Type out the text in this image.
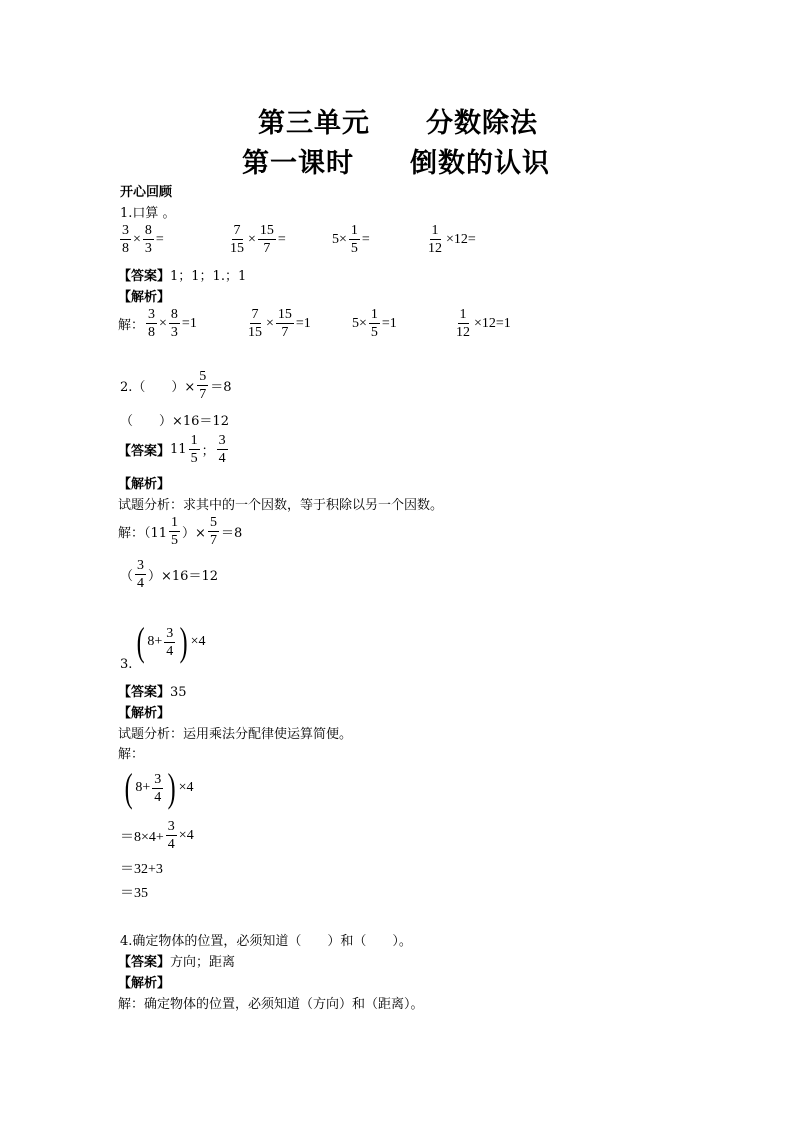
第三单元　　分数除法
第一课时　　倒数的认识
开心回顾
1.口算 。
$\frac{3}{8} \times \frac{8}{3}$ =	$\frac{7}{15} \times \frac{15}{7}$ =	$5\times \frac{1}{5}$ =	$\frac{1}{12} \times 12=$
【答案】1；1；1.；1
【解析】
解： $\frac{3}{8} \times \frac{8}{3} =1$	$\frac{7}{15} \times \frac{15}{7} =1$	$5\times \frac{1}{5} =1$	$\frac{1}{12} \times 12=1$
2.（　　）× $\frac{5}{7} =8$
（　　）×16＝12
【答案】 $11 \frac{1}{5}$ ； $\frac{3}{4}$
【解析】
试题分析：求其中的一个因数，等于积除以另一个因数。
解：（$11 \frac{1}{5}$ ）× $\frac{5}{7} =8$
（ $\frac{3}{4} )\times 16=12$
( $8+ \frac{3}{4}$ ) ×4
3.
【答案】35
【解析】
试题分析：运用乘法分配律使运算简便。
解：
( $8+ \frac{3}{4}$ ) ×4
$=8\times 4+ \frac{3}{4} \times 4$
＝32+3
＝35
4.确定物体的位置，必须知道（　　）和（　　）。
【答案】方向；距离
【解析】
解：确定物体的位置，必须知道（方向）和（距离）。
